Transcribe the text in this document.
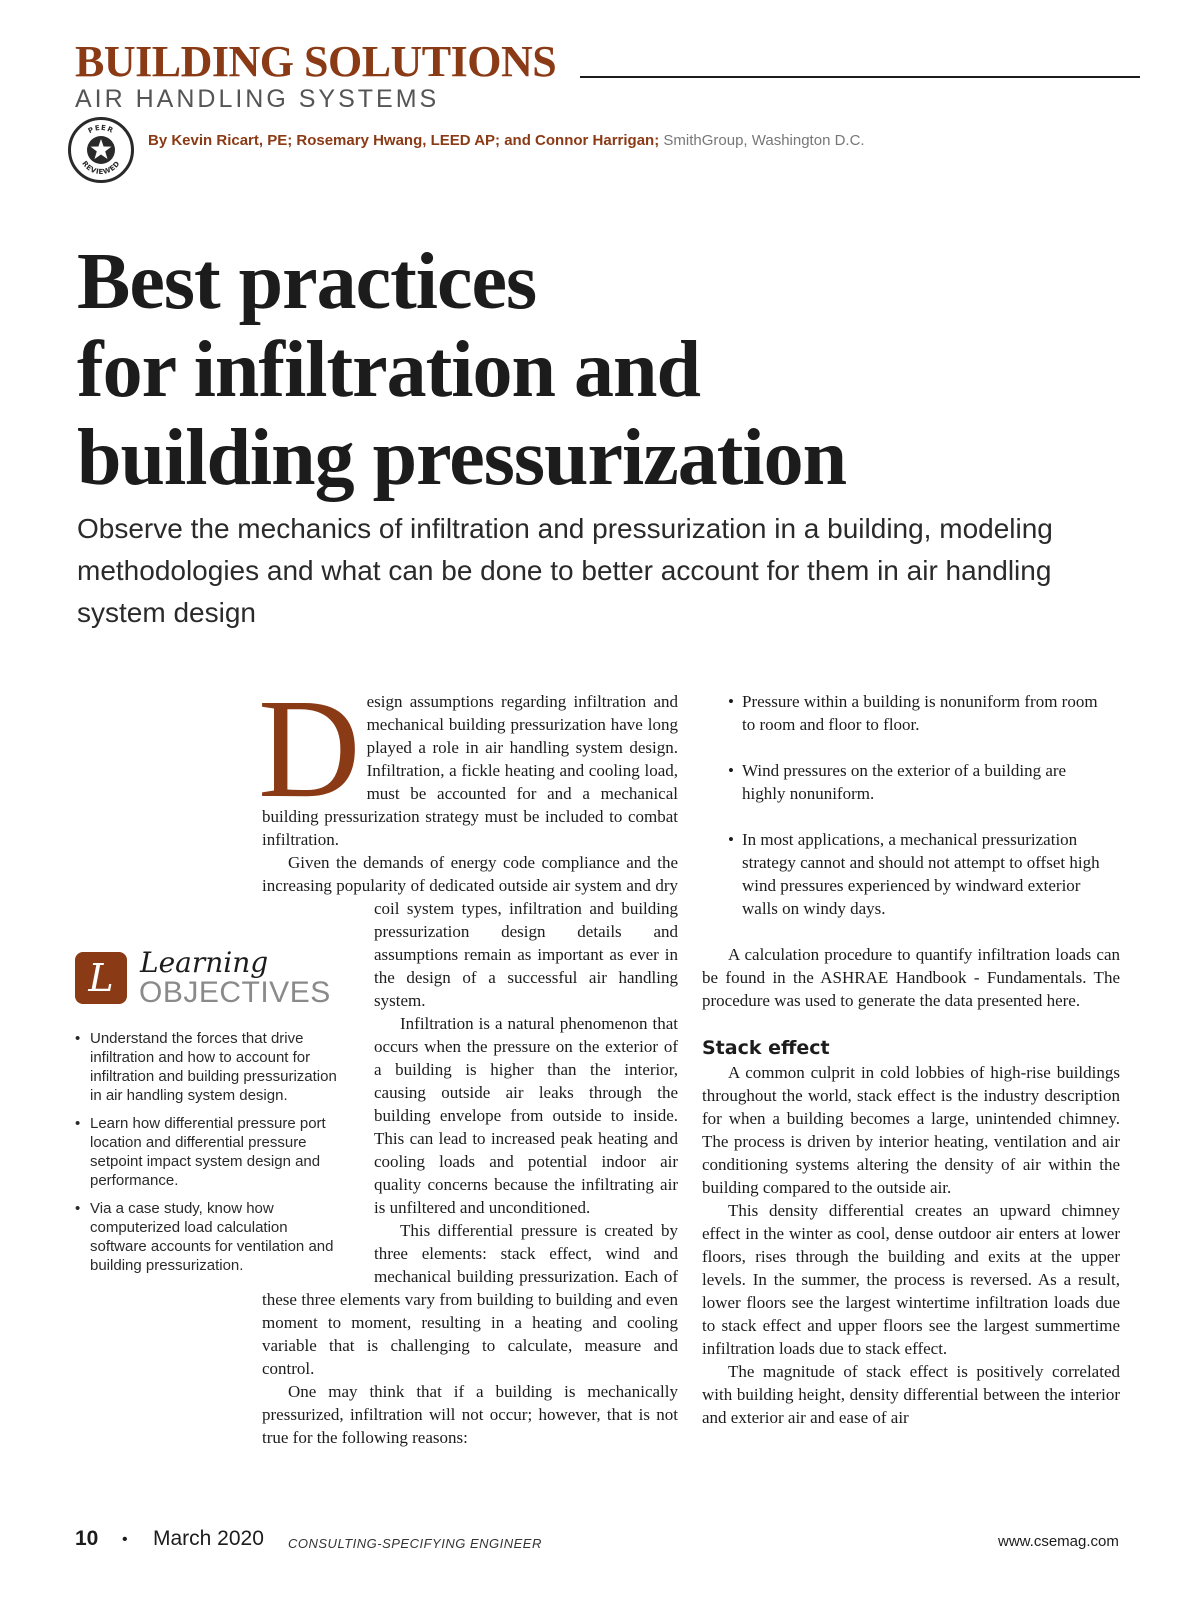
BUILDING SOLUTIONS
AIR HANDLING SYSTEMS
PEER
REVIEWED
By Kevin Ricart, PE; Rosemary Hwang, LEED AP; and Connor Harrigan; SmithGroup, Washington D.C.
Best practices
for infiltration and
building pressurization
Observe the mechanics of infiltration and pressurization in a building, modeling methodologies and what can be done to better account for them in air handling system design
D esign assumptions regarding infiltration and mechanical building pressurization have long played a role in air handling system design. Infiltration, a fickle heating and cooling load, must be accounted for and a mechanical building pressurization strategy must be included to combat infiltration.

Given the demands of energy code compliance and the increasing popularity of dedicated outside air system and dry coil system types, infiltration and building pressurization design details and assumptions remain as important as ever in the design of a successful air handling system.

Infiltration is a natural phenomenon that occurs when the pressure on the exterior of a building is higher than the interior, causing outside air leaks through the building envelope from outside to inside. This can lead to increased peak heating and cooling loads and potential indoor air quality concerns because the infiltrating air is unfiltered and unconditioned.

This differential pressure is created by three elements: stack effect, wind and mechanical building pressurization. Each of these three elements vary from building to building and even moment to moment, resulting in a heating and cooling variable that is challenging to calculate, measure and control.

One may think that if a building is mechanically pressurized, infiltration will not occur; however, that is not true for the following reasons:

L Learning
OBJECTIVES
• Understand the forces that drive infiltration and how to account for infiltration and building pressurization in air handling system design.
• Learn how differential pressure port location and differential pressure setpoint impact system design and performance.
• Via a case study, know how computerized load calculation software accounts for ventilation and building pressurization.
• Pressure within a building is nonuniform from room to room and floor to floor.
• Wind pressures on the exterior of a building are highly nonuniform.
• In most applications, a mechanical pressurization strategy cannot and should not attempt to offset high wind pressures experienced by windward exterior walls on windy days.

A calculation procedure to quantify infiltration loads can be found in the ASHRAE Handbook - Fundamentals. The procedure was used to generate the data presented here.

Stack effect

A common culprit in cold lobbies of high-rise buildings throughout the world, stack effect is the industry description for when a building becomes a large, unintended chimney. The process is driven by interior heating, ventilation and air conditioning systems altering the density of air within the building compared to the outside air.

This density differential creates an upward chimney effect in the winter as cool, dense outdoor air enters at lower floors, rises through the building and exits at the upper levels. In the summer, the process is reversed. As a result, lower floors see the largest wintertime infiltration loads due to stack effect and upper floors see the largest summertime infiltration loads due to stack effect.

The magnitude of stack effect is positively correlated with building height, density differential between the interior and exterior air and ease of air

10 • March 2020 CONSULTING-SPECIFYING ENGINEER	www.csemag.com
